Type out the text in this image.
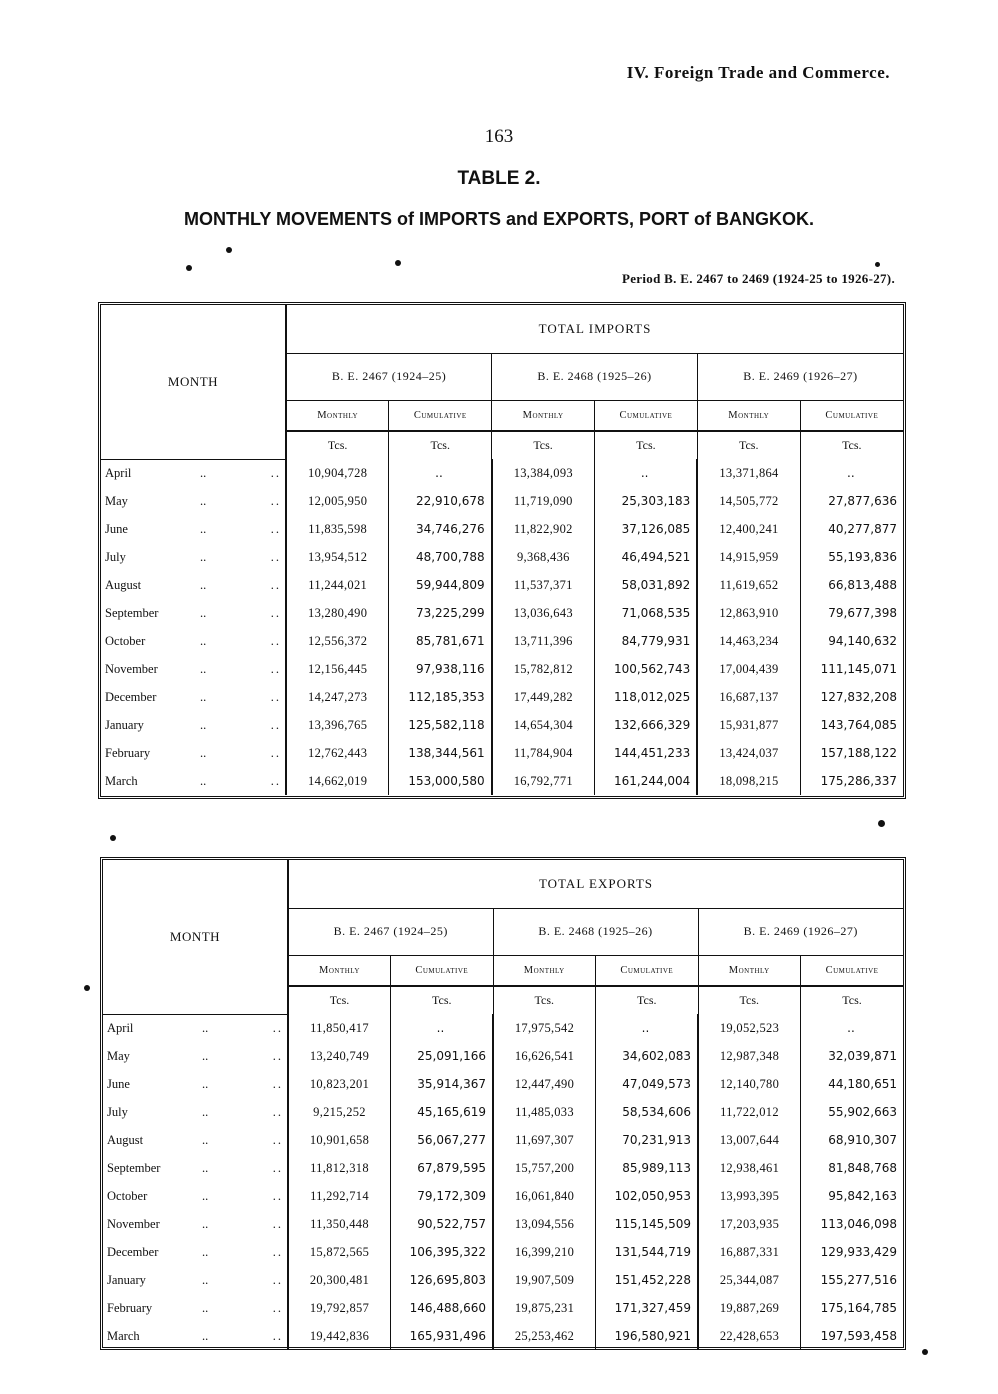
IV. Foreign Trade and Commerce.
163
TABLE 2.
MONTHLY MOVEMENTS of IMPORTS and EXPORTS, PORT of BANGKOK.
Period B. E. 2467 to 2469 (1924-25 to 1926-27).
MONTH	TOTAL IMPORTS					
	B. E. 2467 (1924–25)		B. E. 2468 (1925–26)		B. E. 2469 (1926–27)	
	Monthly	Cumulative	Monthly	Cumulative	Monthly	Cumulative
	Tcs.	Tcs.	Tcs.	Tcs.	Tcs.	Tcs.
April .. ..	10,904,728	..	13,384,093	..	13,371,864	..
May .. ..	12,005,950	22,910,678	11,719,090	25,303,183	14,505,772	27,877,636
June .. ..	11,835,598	34,746,276	11,822,902	37,126,085	12,400,241	40,277,877
July .. ..	13,954,512	48,700,788	9,368,436	46,494,521	14,915,959	55,193,836
August .. ..	11,244,021	59,944,809	11,537,371	58,031,892	11,619,652	66,813,488
September .. ..	13,280,490	73,225,299	13,036,643	71,068,535	12,863,910	79,677,398
October .. ..	12,556,372	85,781,671	13,711,396	84,779,931	14,463,234	94,140,632
November .. ..	12,156,445	97,938,116	15,782,812	100,562,743	17,004,439	111,145,071
December .. ..	14,247,273	112,185,353	17,449,282	118,012,025	16,687,137	127,832,208
January .. ..	13,396,765	125,582,118	14,654,304	132,666,329	15,931,877	143,764,085
February .. ..	12,762,443	138,344,561	11,784,904	144,451,233	13,424,037	157,188,122
March .. ..	14,662,019	153,000,580	16,792,771	161,244,004	18,098,215	175,286,337

MONTH	TOTAL EXPORTS					
	B. E. 2467 (1924–25)		B. E. 2468 (1925–26)		B. E. 2469 (1926–27)	
	Monthly	Cumulative	Monthly	Cumulative	Monthly	Cumulative
	Tcs.	Tcs.	Tcs.	Tcs.	Tcs.	Tcs.
April .. ..	11,850,417	..	17,975,542	..	19,052,523	..
May .. ..	13,240,749	25,091,166	16,626,541	34,602,083	12,987,348	32,039,871
June .. ..	10,823,201	35,914,367	12,447,490	47,049,573	12,140,780	44,180,651
July .. ..	9,215,252	45,165,619	11,485,033	58,534,606	11,722,012	55,902,663
August .. ..	10,901,658	56,067,277	11,697,307	70,231,913	13,007,644	68,910,307
September .. ..	11,812,318	67,879,595	15,757,200	85,989,113	12,938,461	81,848,768
October .. ..	11,292,714	79,172,309	16,061,840	102,050,953	13,993,395	95,842,163
November .. ..	11,350,448	90,522,757	13,094,556	115,145,509	17,203,935	113,046,098
December .. ..	15,872,565	106,395,322	16,399,210	131,544,719	16,887,331	129,933,429
January .. ..	20,300,481	126,695,803	19,907,509	151,452,228	25,344,087	155,277,516
February .. ..	19,792,857	146,488,660	19,875,231	171,327,459	19,887,269	175,164,785
March .. ..	19,442,836	165,931,496	25,253,462	196,580,921	22,428,653	197,593,458
